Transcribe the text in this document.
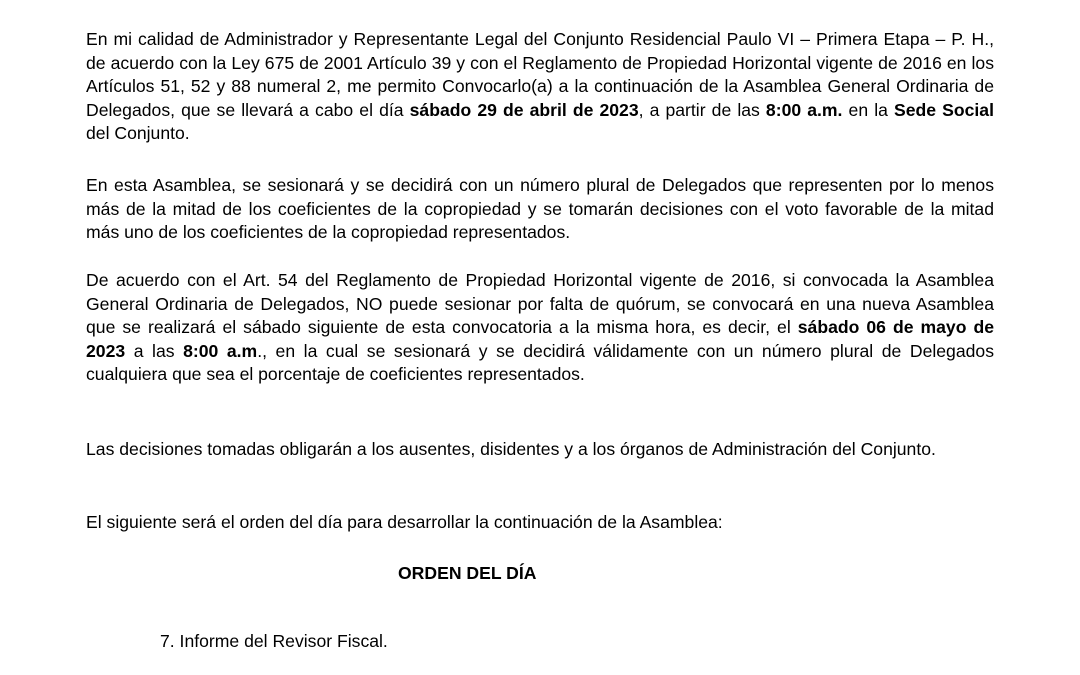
En mi calidad de Administrador y Representante Legal del Conjunto Residencial Paulo VI – Primera Etapa – P. H., de acuerdo con la Ley 675 de 2001 Artículo 39 y con el Reglamento de Propiedad Horizontal vigente de 2016 en los Artículos 51, 52 y 88 numeral 2, me permito Convocarlo(a) a la continuación de la Asamblea General Ordinaria de Delegados, que se llevará a cabo el día sábado 29 de abril de 2023, a partir de las 8:00 a.m. en la Sede Social del Conjunto.

En esta Asamblea, se sesionará y se decidirá con un número plural de Delegados que representen por lo menos más de la mitad de los coeficientes de la copropiedad y se tomarán decisiones con el voto favorable de la mitad más uno de los coeficientes de la copropiedad representados.

De acuerdo con el Art. 54 del Reglamento de Propiedad Horizontal vigente de 2016, si convocada la Asamblea General Ordinaria de Delegados, NO puede sesionar por falta de quórum, se convocará en una nueva Asamblea que se realizará el sábado siguiente de esta convocatoria a la misma hora, es decir, el sábado 06 de mayo de 2023 a las 8:00 a.m., en la cual se sesionará y se decidirá válidamente con un número plural de Delegados cualquiera que sea el porcentaje de coeficientes representados.

Las decisiones tomadas obligarán a los ausentes, disidentes y a los órganos de Administración del Conjunto.

El siguiente será el orden del día para desarrollar la continuación de la Asamblea:

ORDEN DEL DÍA
7. Informe del Revisor Fiscal.
